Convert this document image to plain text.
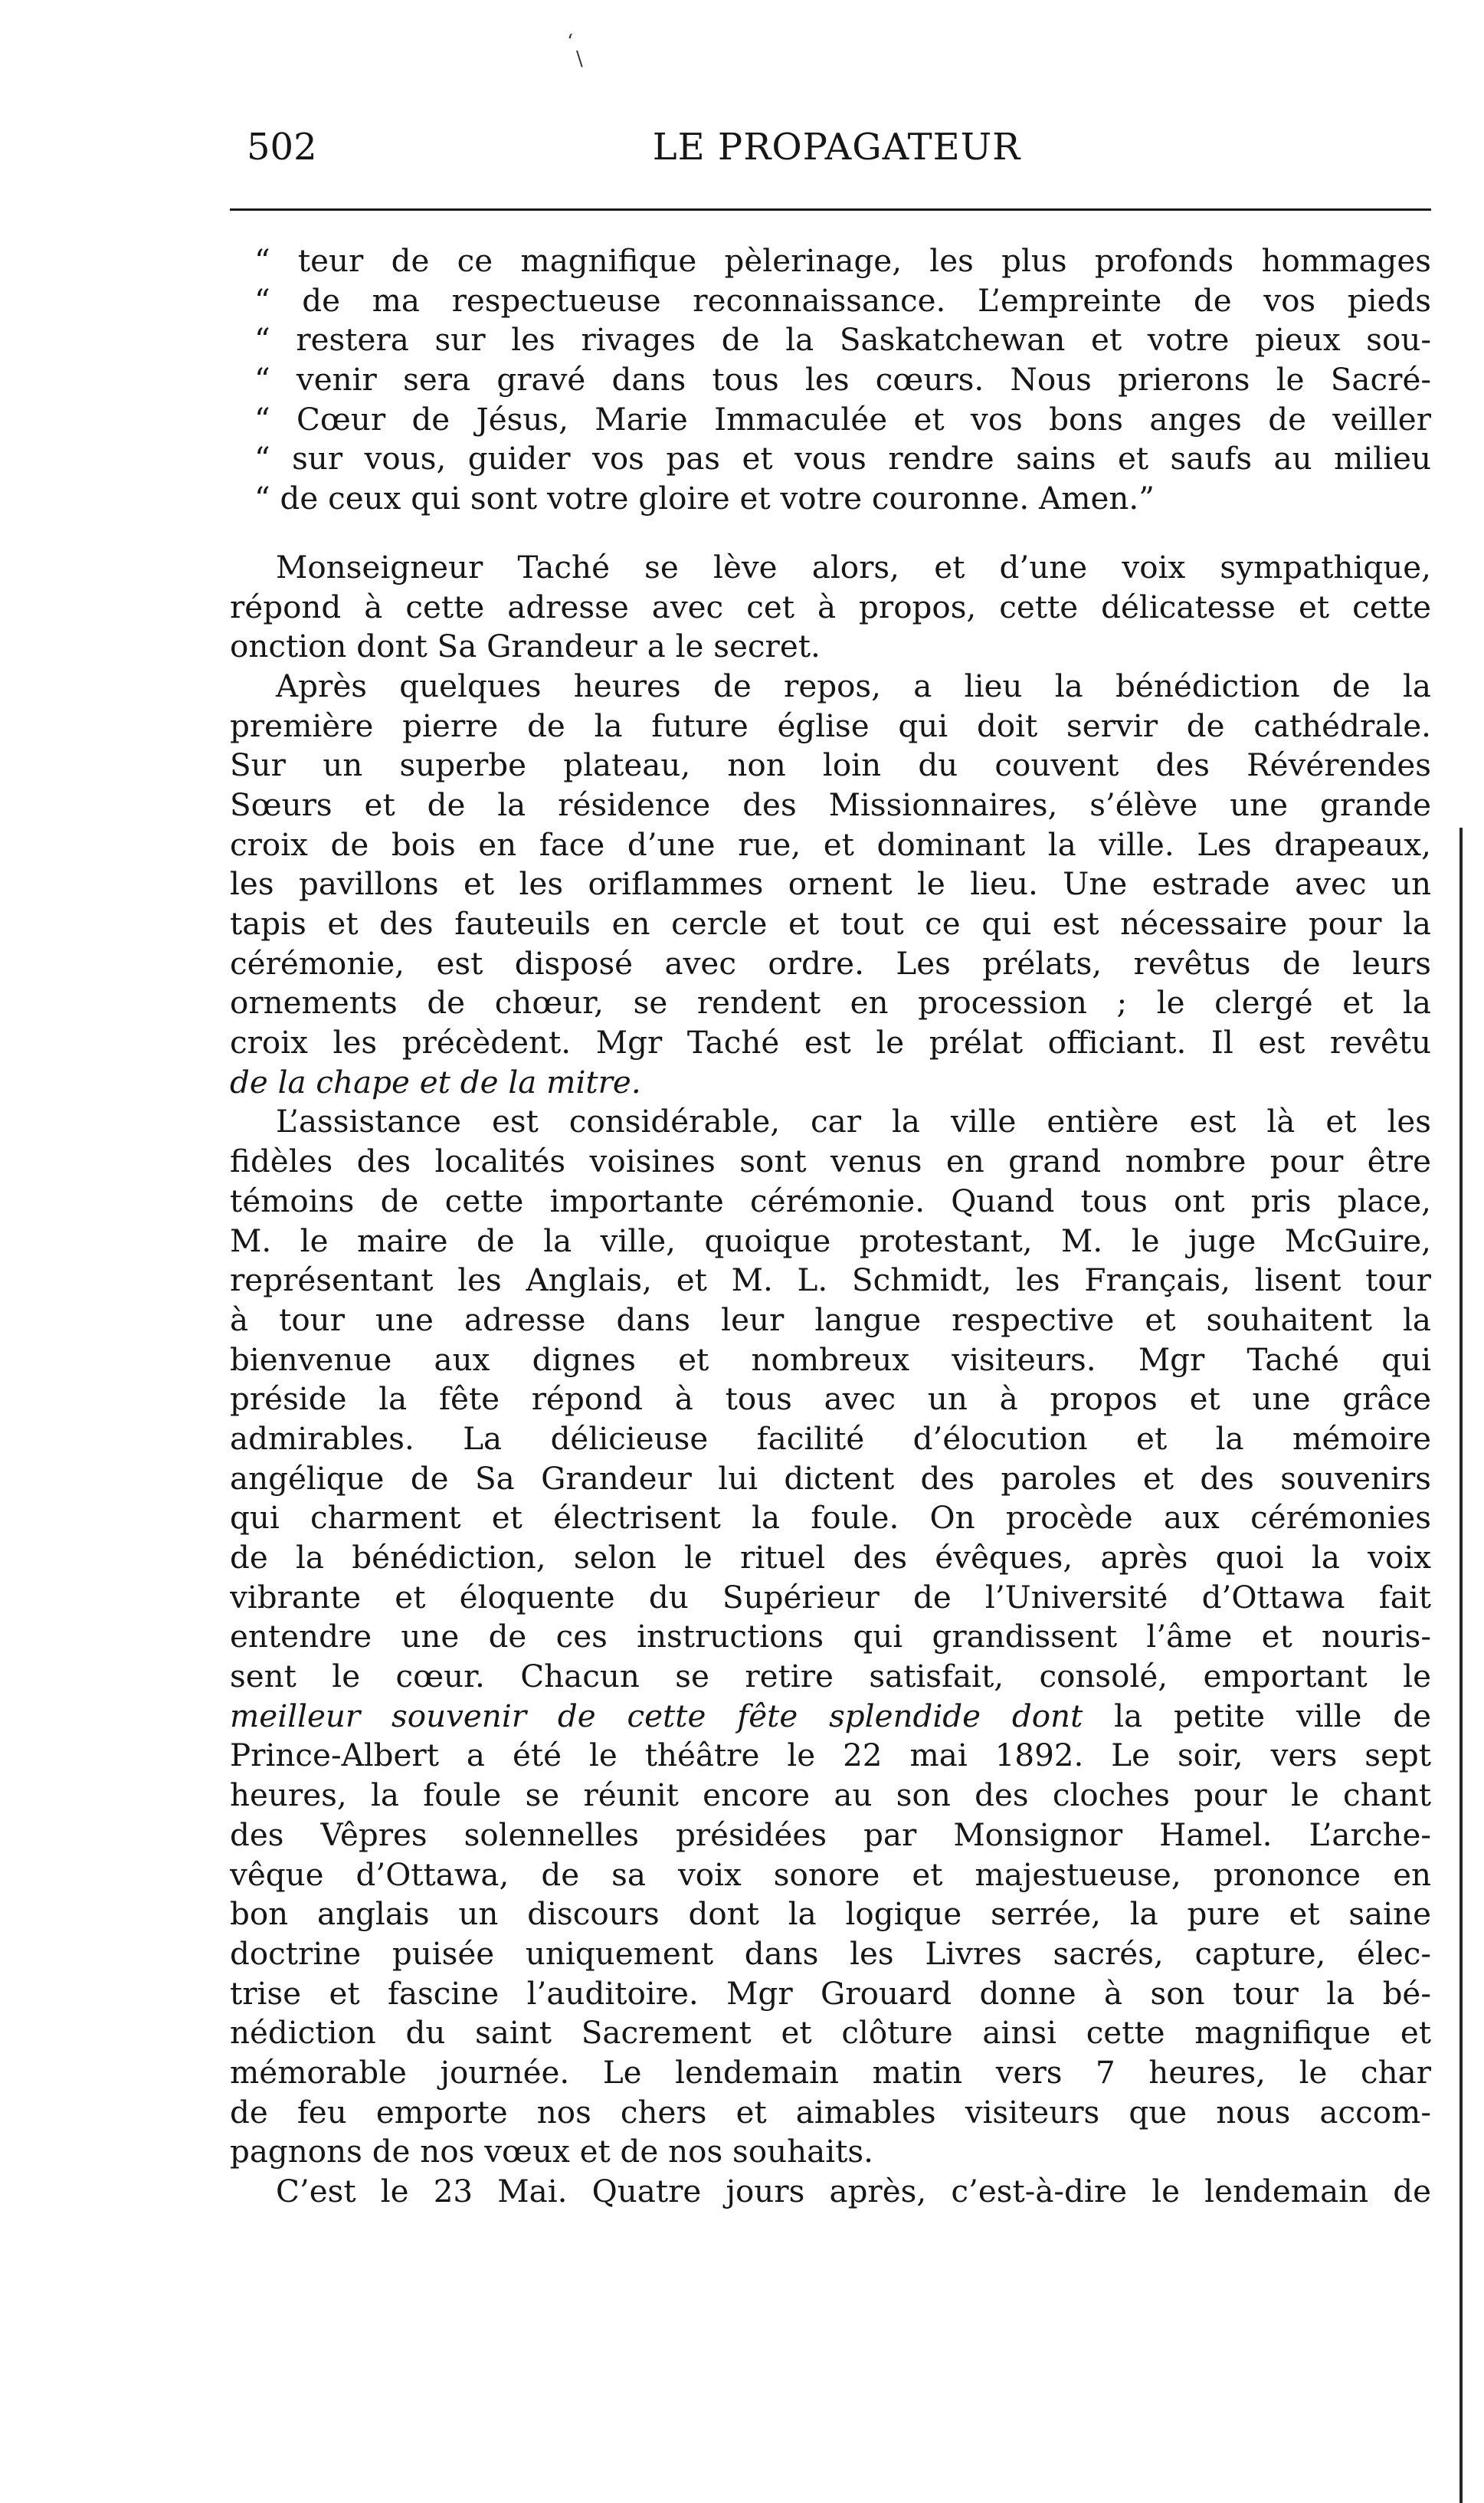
‘
\
502	LE PROPAGATEUR
“ teur de ce magnifique pèlerinage, les plus profonds hommages
“ de ma respectueuse reconnaissance. L’empreinte de vos pieds
“ restera sur les rivages de la Saskatchewan et votre pieux sou-
“ venir sera gravé dans tous les cœurs. Nous prierons le Sacré-
“ Cœur de Jésus, Marie Immaculée et vos bons anges de veiller
“ sur vous, guider vos pas et vous rendre sains et saufs au milieu
“ de ceux qui sont votre gloire et votre couronne. Amen.”
Monseigneur Taché se lève alors, et d’une voix sympathique,
répond à cette adresse avec cet à propos, cette délicatesse et cette
onction dont Sa Grandeur a le secret.
Après quelques heures de repos, a lieu la bénédiction de la
première pierre de la future église qui doit servir de cathédrale.
Sur un superbe plateau, non loin du couvent des Révérendes
Sœurs et de la résidence des Missionnaires, s’élève une grande
croix de bois en face d’une rue, et dominant la ville. Les drapeaux,
les pavillons et les oriflammes ornent le lieu. Une estrade avec un
tapis et des fauteuils en cercle et tout ce qui est nécessaire pour la
cérémonie, est disposé avec ordre. Les prélats, revêtus de leurs
ornements de chœur, se rendent en procession ; le clergé et la
croix les précèdent. Mgr Taché est le prélat officiant. Il est revêtu
de la chape et de la mitre.
L’assistance est considérable, car la ville entière est là et les
fidèles des localités voisines sont venus en grand nombre pour être
témoins de cette importante cérémonie. Quand tous ont pris place,
M. le maire de la ville, quoique protestant, M. le juge McGuire,
représentant les Anglais, et M. L. Schmidt, les Français, lisent tour
à tour une adresse dans leur langue respective et souhaitent la
bienvenue aux dignes et nombreux visiteurs. Mgr Taché qui
préside la fête répond à tous avec un à propos et une grâce
admirables. La délicieuse facilité d’élocution et la mémoire
angélique de Sa Grandeur lui dictent des paroles et des souvenirs
qui charment et électrisent la foule. On procède aux cérémonies
de la bénédiction, selon le rituel des évêques, après quoi la voix
vibrante et éloquente du Supérieur de l’Université d’Ottawa fait
entendre une de ces instructions qui grandissent l’âme et nouris-
sent le cœur. Chacun se retire satisfait, consolé, emportant le
meilleur souvenir de cette fête splendide dont la petite ville de
Prince-Albert a été le théâtre le 22 mai 1892. Le soir, vers sept
heures, la foule se réunit encore au son des cloches pour le chant
des Vêpres solennelles présidées par Monsignor Hamel. L’arche-
vêque d’Ottawa, de sa voix sonore et majestueuse, prononce en
bon anglais un discours dont la logique serrée, la pure et saine
doctrine puisée uniquement dans les Livres sacrés, capture, élec-
trise et fascine l’auditoire. Mgr Grouard donne à son tour la bé-
nédiction du saint Sacrement et clôture ainsi cette magnifique et
mémorable journée. Le lendemain matin vers 7 heures, le char
de feu emporte nos chers et aimables visiteurs que nous accom-
pagnons de nos vœux et de nos souhaits.
C’est le 23 Mai. Quatre jours après, c’est-à-dire le lendemain de
